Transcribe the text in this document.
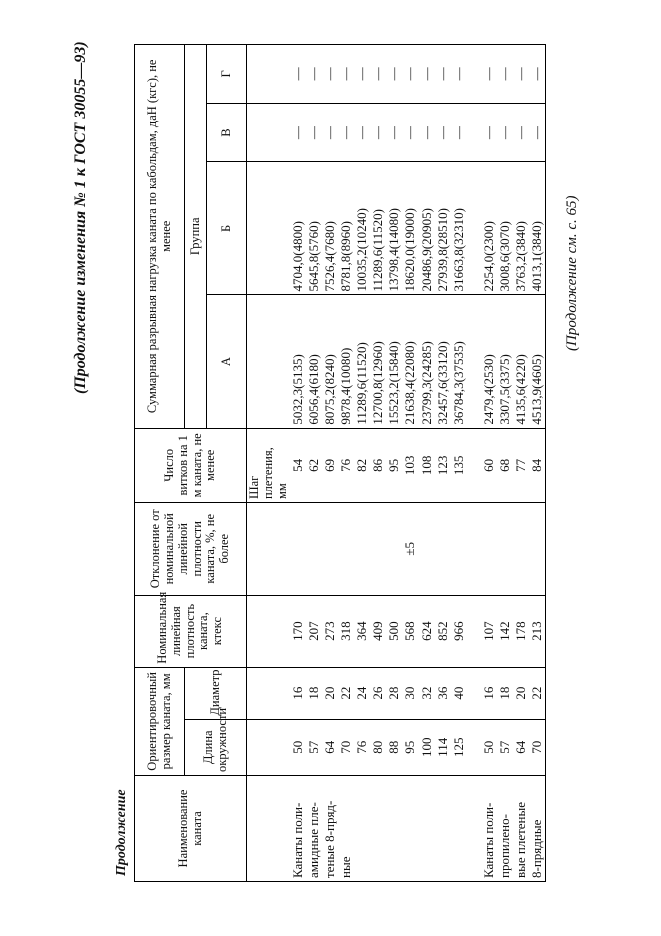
(Продолжение изменения № 1 к ГОСТ 30055—93)
Продолжение	Наименование каната	Ориентировочный размер каната, мм		Номинальная линейная плотность каната, ктекс	Отклонение от номинальной линейной плотности каната, %, не более	Число витков на 1 м каната, не менее	Суммарная разрывная нагрузка каната по кабольдам, даН (кгс), не менее			
	Длина окружности	Диаметр				Группа			
						А	Б	В	Г

					Шаг плетения, мм				

Канаты поли-	50	16	170		54	5032,3(5135)	4704,0(4800)	—	—
амидные пле-	57	18	207		62	6056,4(6180)	5645,8(5760)	—	—
теные 8-пряд-	64	20	273		69	8075,2(8240)	7526,4(7680)	—	—
ные	70	22	318		76	9878,4(10080)	8781,8(8960)	—	—
	76	24	364		82	11289,6(11520)	10035,2(10240)	—	—
	80	26	409		86	12700,8(12960)	11289,6(11520)	—	—
	88	28	500		95	15523,2(15840)	13798,4(14080)	—	—
	95	30	568	±5	103	21638,4(22080)	18620,0(19000)	—	—
	100	32	624		108	23799,3(24285)	20486,9(20905)	—	—
	114	36	852		123	32457,6(33120)	27939,8(28510)	—	—
	125	40	966		135	36784,3(37535)	31663,8(32310)	—	—

Канаты поли-	50	16	107		60	2479,4(2530)	2254,0(2300)	—	—
пропилено-	57	18	142		68	3307,5(3375)	3008,6(3070)	—	—
вые плетеные	64	20	178		77	4135,6(4220)	3763,2(3840)	—	—
8-прядные	70	22	213		84	4513,9(4605)	4013,1(3840)	—	—
(Продолжение см. с. 65)
